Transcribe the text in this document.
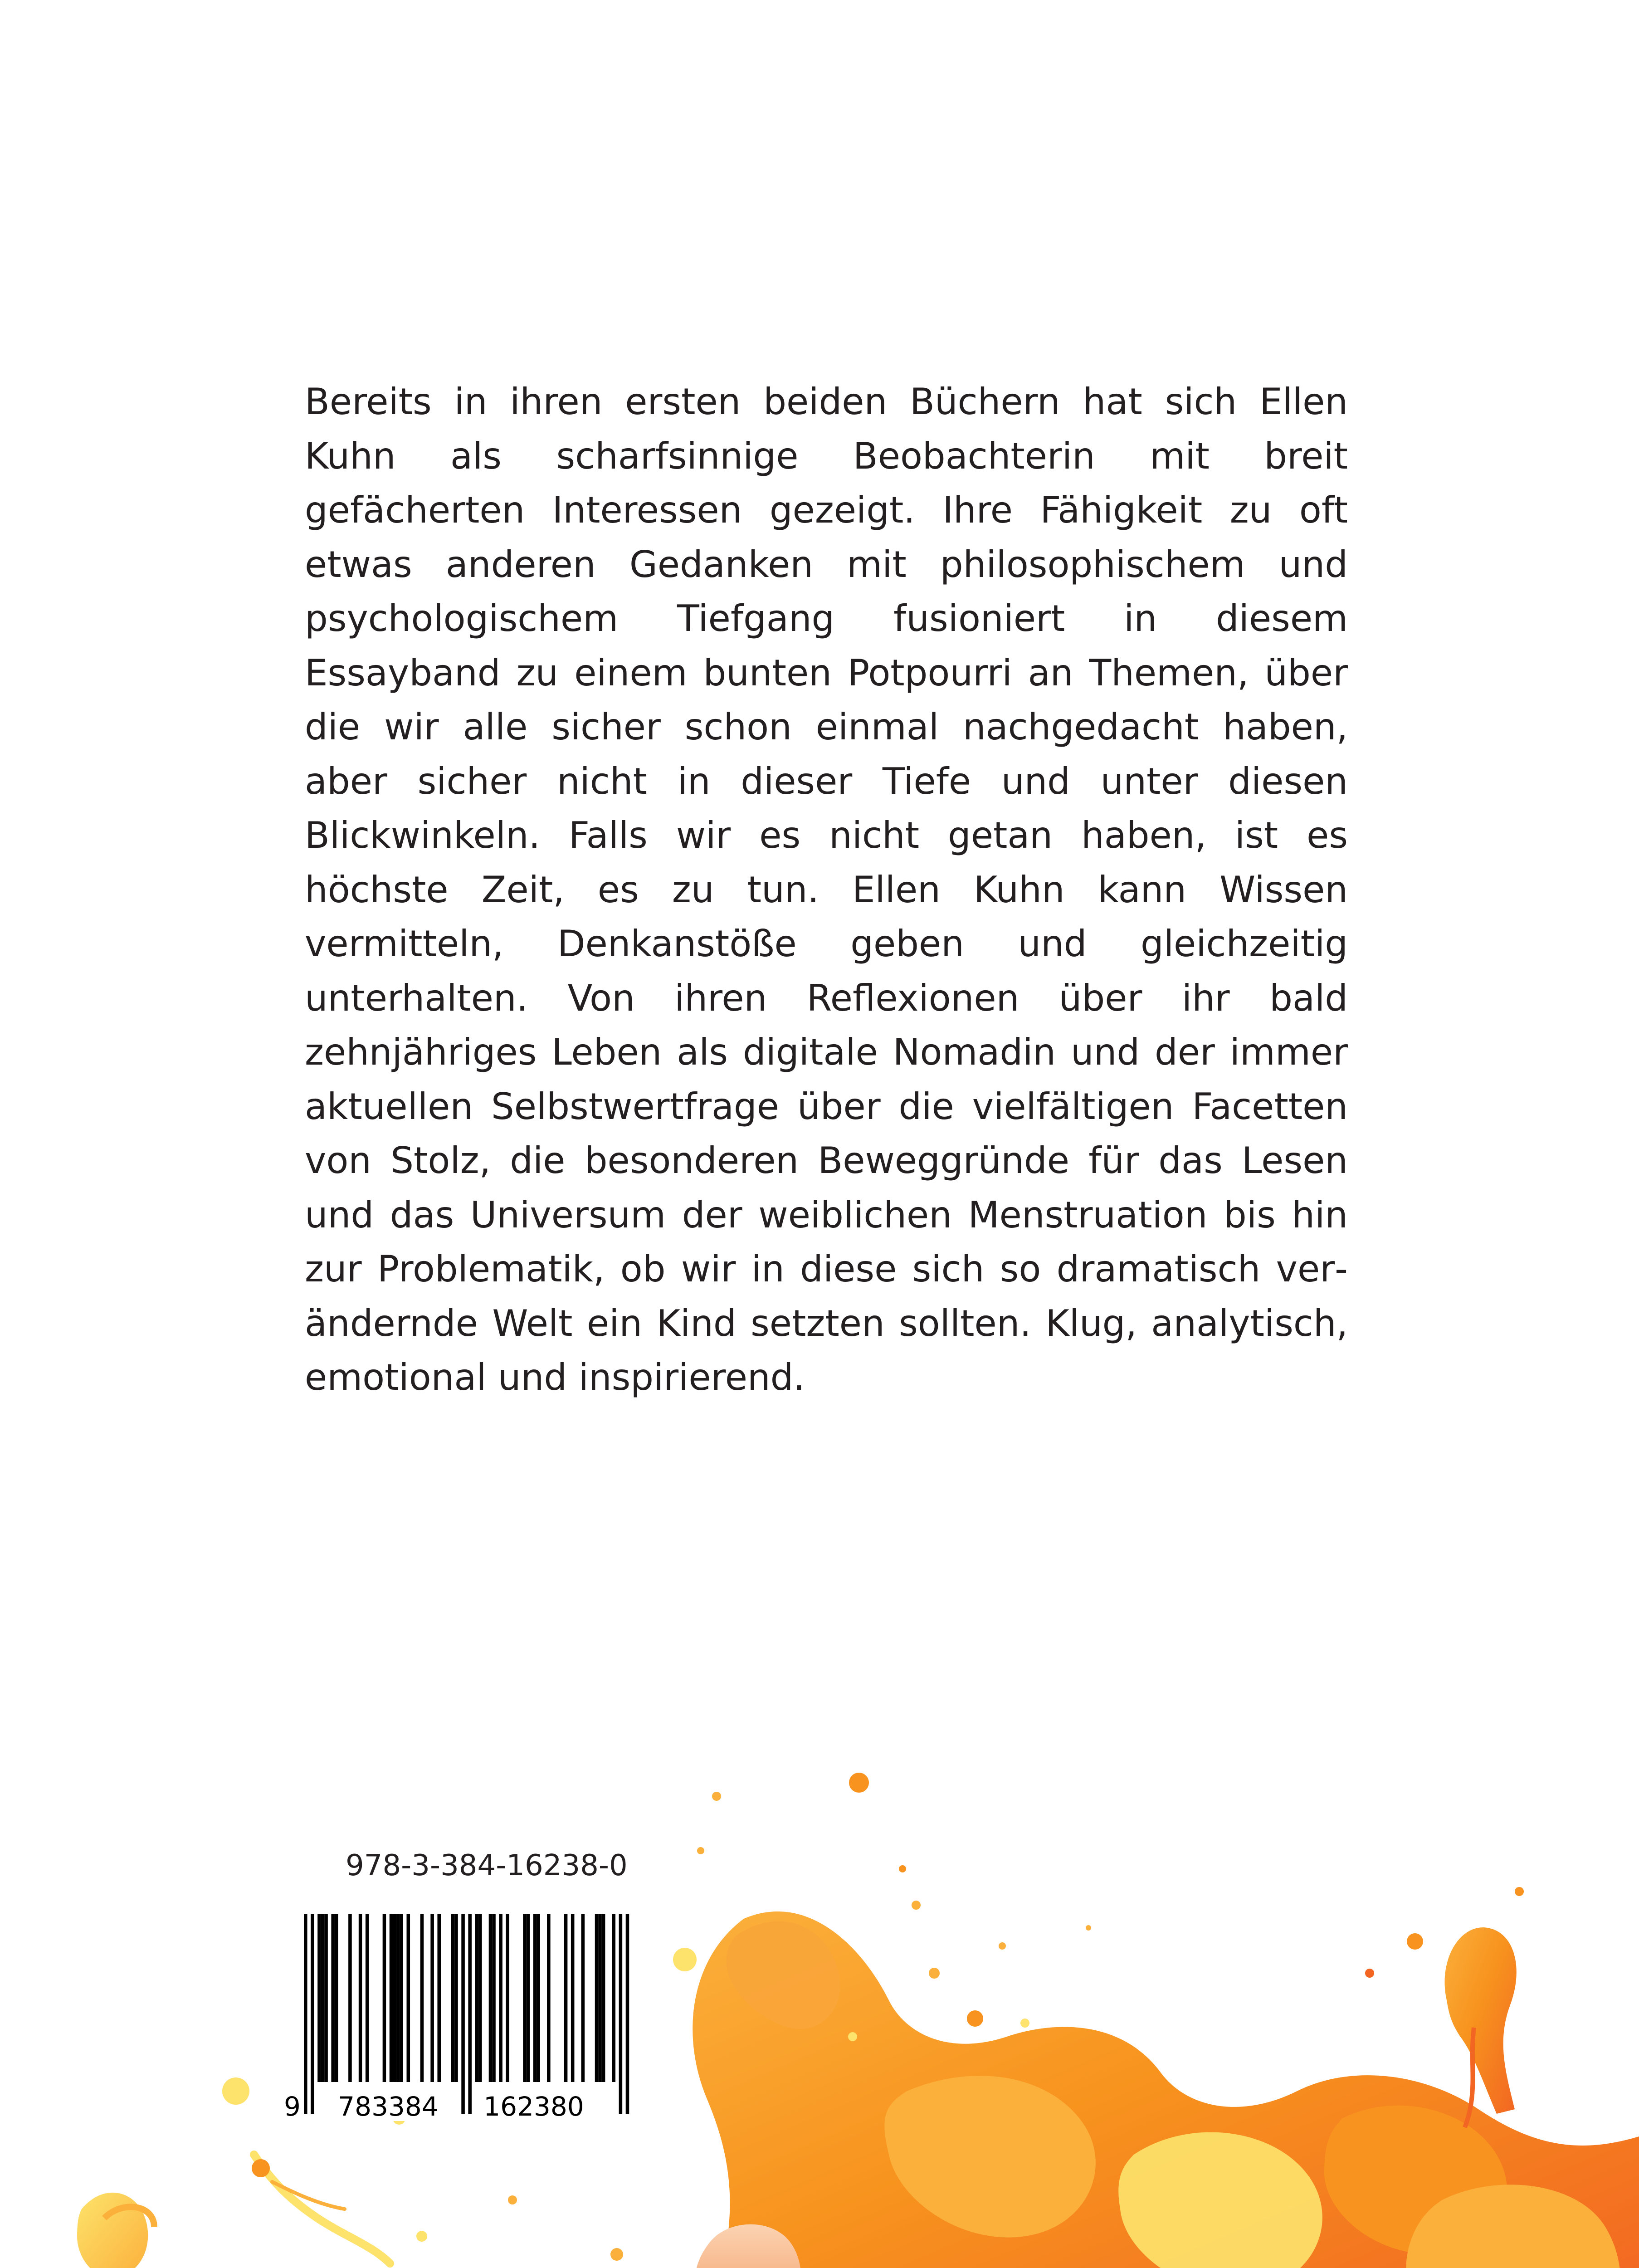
Bereits in ihren ersten beiden Büchern hat sich Ellen Kuhn als scharfsinnige Beobachterin mit breit gefächerten Interessen gezeigt. Ihre Fähigkeit zu oft etwas anderen Gedanken mit philosophischem und psychologischem Tiefgang fusioniert in diesem Essayband zu einem bunten Potpourri an Themen, über die wir alle sicher schon einmal nachgedacht haben, aber sicher nicht in dieser Tiefe und unter diesen Blickwinkeln. Falls wir es nicht getan haben, ist es höchste Zeit, es zu tun. Ellen Kuhn kann Wissen vermitteln, Denkanstöße geben und gleichzeitig unterhalten. Von ihren Reflexionen über ihr bald zehnjähriges Leben als digitale Nomadin und der immer aktuellen Selbstwertfrage über die vielfältigen Facetten von Stolz, die besonderen Beweggründe für das Lesen und das Universum der weiblichen Menstruation bis hin zur Problematik, ob wir in diese sich so dramatisch verändernde Welt ein Kind setzten sollten. Klug, analytisch, emotional und inspirierend.

978-3-384-16238-0
9 783384 162380
